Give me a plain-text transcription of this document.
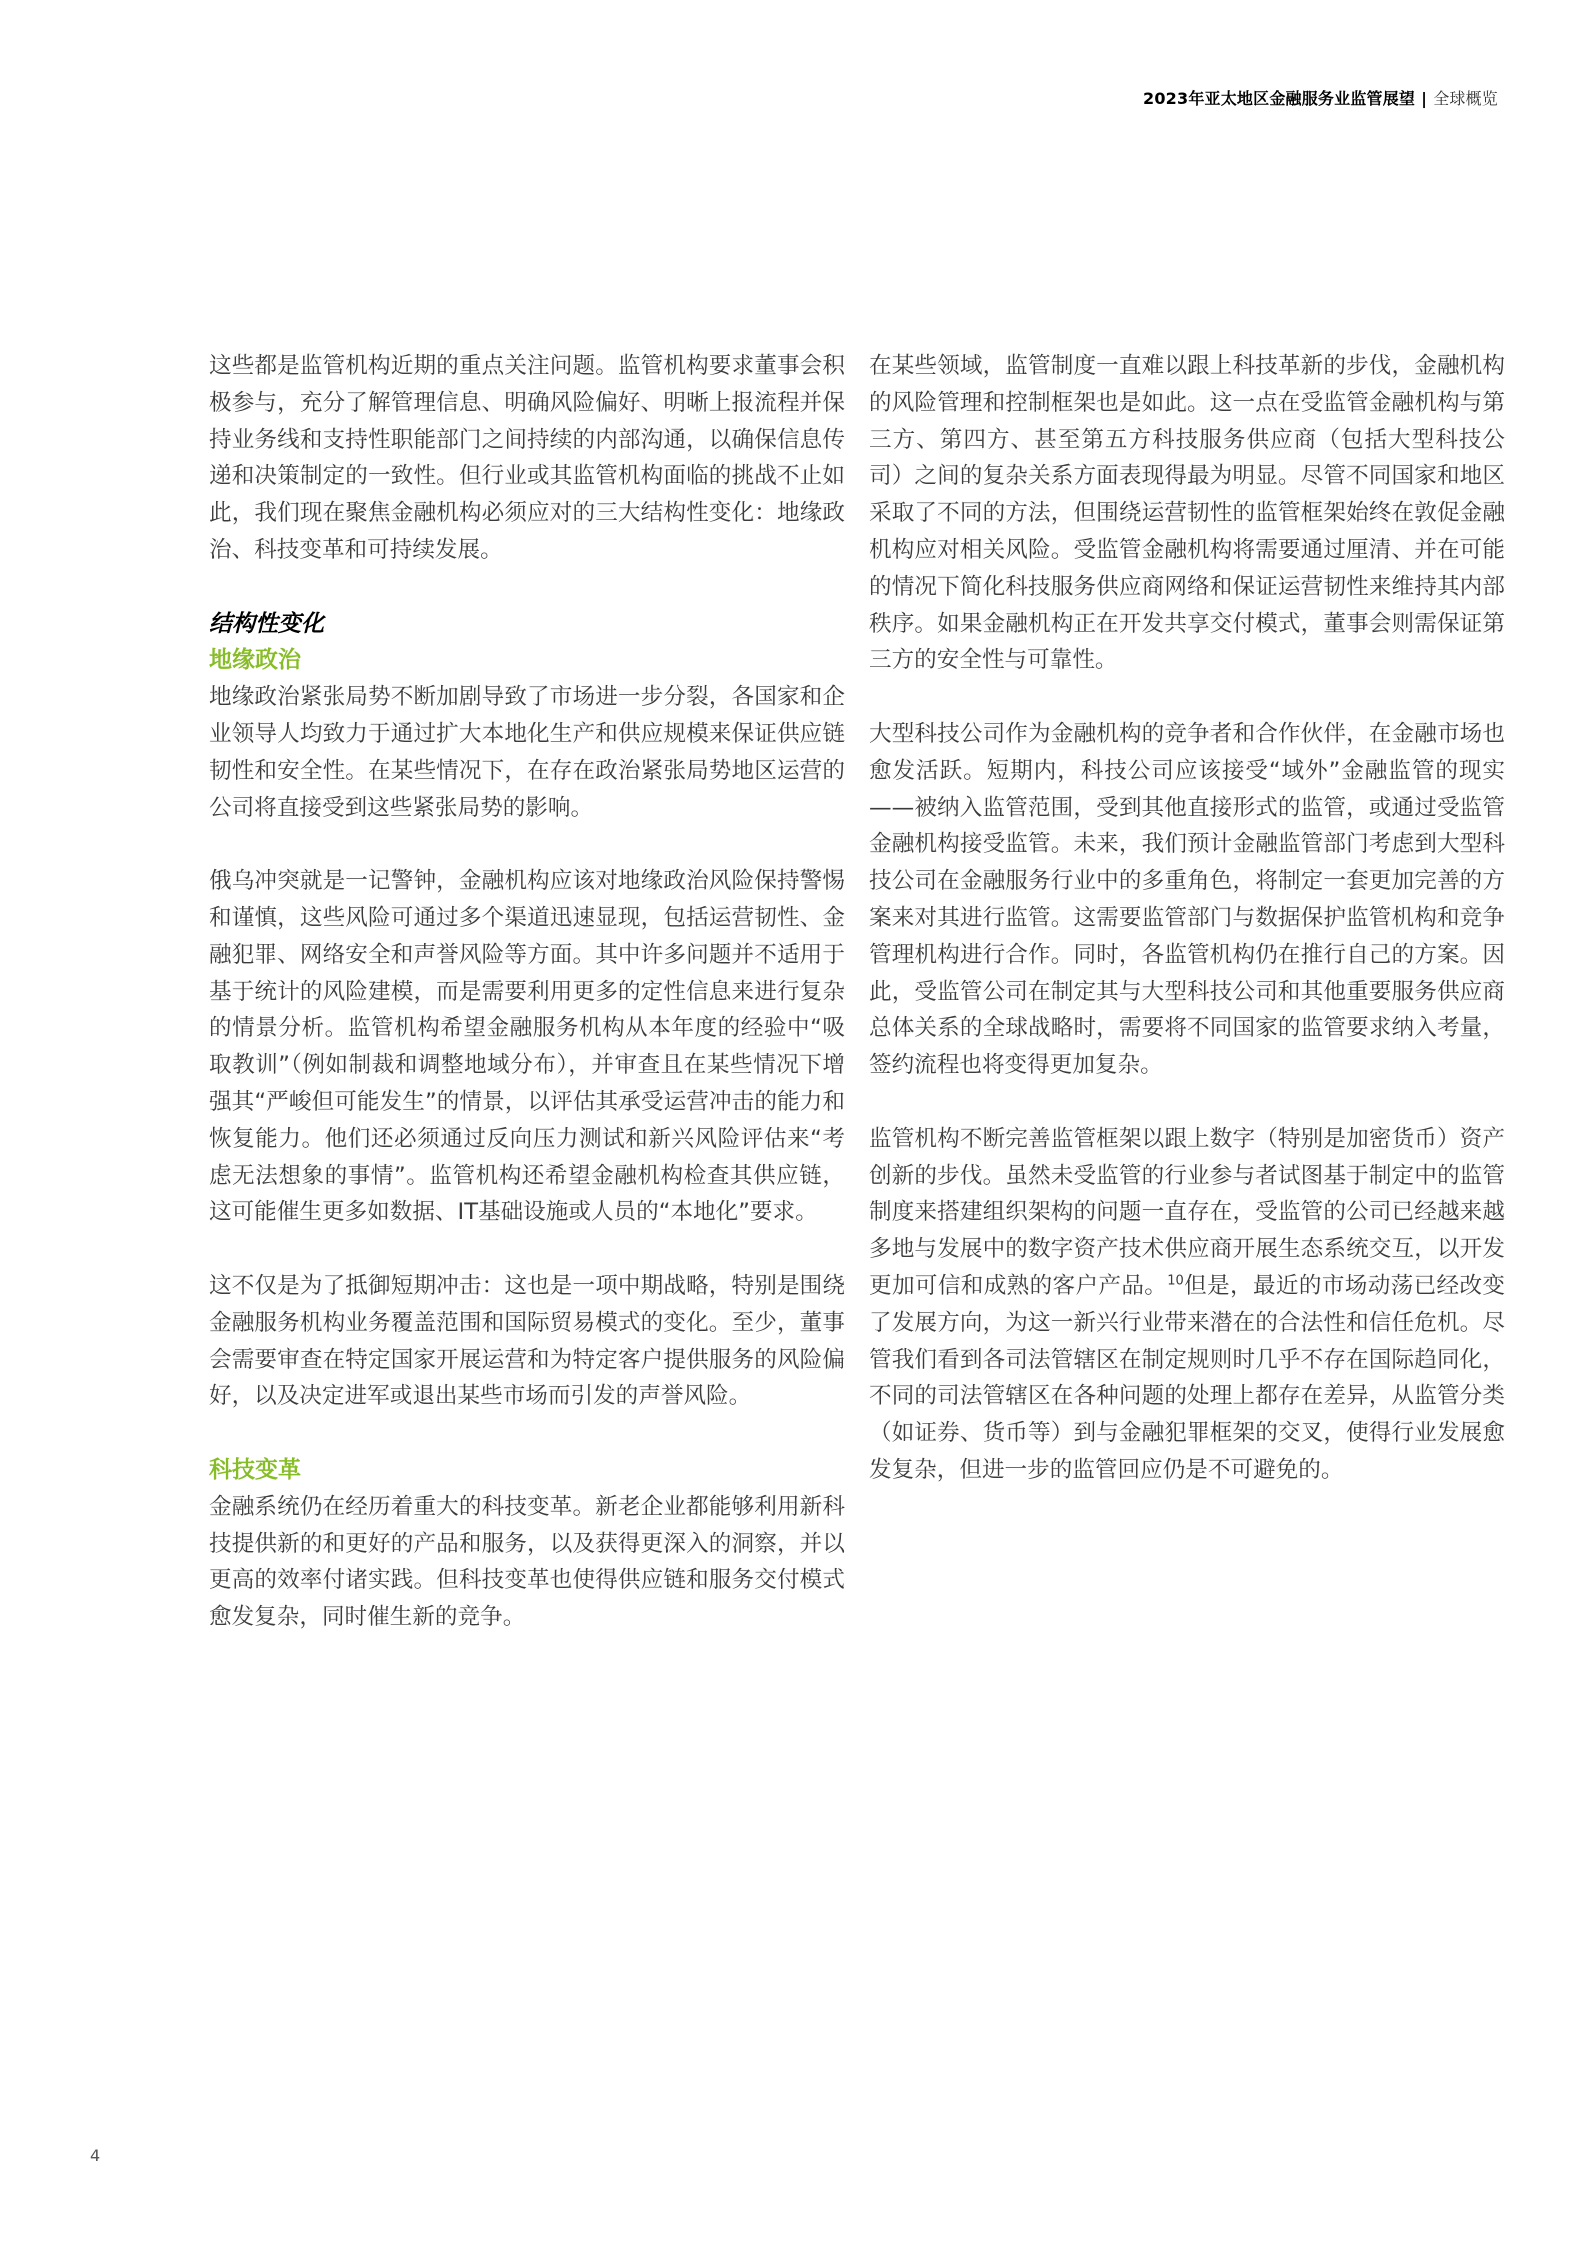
2023年亚太地区金融服务业监管展望 | 全球概览

这些都是监管机构近期的重点关注问题。监管机构要求董事会积极参与，充分了解管理信息、明确风险偏好、明晰上报流程并保持业务线和支持性职能部门之间持续的内部沟通，以确保信息传递和决策制定的一致性。但行业或其监管机构面临的挑战不止如此，我们现在聚焦金融机构必须应对的三大结构性变化：地缘政治、科技变革和可持续发展。

结构性变化
地缘政治

地缘政治紧张局势不断加剧导致了市场进一步分裂，各国家和企业领导人均致力于通过扩大本地化生产和供应规模来保证供应链韧性和安全性。在某些情况下，在存在政治紧张局势地区运营的公司将直接受到这些紧张局势的影响。

俄乌冲突就是一记警钟，金融机构应该对地缘政治风险保持警惕和谨慎，这些风险可通过多个渠道迅速显现，包括运营韧性、金融犯罪、网络安全和声誉风险等方面。其中许多问题并不适用于基于统计的风险建模，而是需要利用更多的定性信息来进行复杂的情景分析。监管机构希望金融服务机构从本年度的经验中“吸取教训”（例如制裁和调整地域分布），并审查且在某些情况下增强其“严峻但可能发生”的情景，以评估其承受运营冲击的能力和恢复能力。他们还必须通过反向压力测试和新兴风险评估来“考虑无法想象的事情”。监管机构还希望金融机构检查其供应链，这可能催生更多如数据、IT基础设施或人员的“本地化”要求。

这不仅是为了抵御短期冲击：这也是一项中期战略，特别是围绕金融服务机构业务覆盖范围和国际贸易模式的变化。至少，董事会需要审查在特定国家开展运营和为特定客户提供服务的风险偏好，以及决定进军或退出某些市场而引发的声誉风险。

科技变革

金融系统仍在经历着重大的科技变革。新老企业都能够利用新科技提供新的和更好的产品和服务，以及获得更深入的洞察，并以更高的效率付诸实践。但科技变革也使得供应链和服务交付模式愈发复杂，同时催生新的竞争。

在某些领域，监管制度一直难以跟上科技革新的步伐，金融机构的风险管理和控制框架也是如此。这一点在受监管金融机构与第三方、第四方、甚至第五方科技服务供应商（包括大型科技公司）之间的复杂关系方面表现得最为明显。尽管不同国家和地区采取了不同的方法，但围绕运营韧性的监管框架始终在敦促金融机构应对相关风险。受监管金融机构将需要通过厘清、并在可能的情况下简化科技服务供应商网络和保证运营韧性来维持其内部秩序。如果金融机构正在开发共享交付模式，董事会则需保证第三方的安全性与可靠性。

大型科技公司作为金融机构的竞争者和合作伙伴，在金融市场也愈发活跃。短期内，科技公司应该接受“域外”金融监管的现实——被纳入监管范围，受到其他直接形式的监管，或通过受监管金融机构接受监管。未来，我们预计金融监管部门考虑到大型科技公司在金融服务行业中的多重角色，将制定一套更加完善的方案来对其进行监管。这需要监管部门与数据保护监管机构和竞争管理机构进行合作。同时，各监管机构仍在推行自己的方案。因此，受监管公司在制定其与大型科技公司和其他重要服务供应商总体关系的全球战略时，需要将不同国家的监管要求纳入考量，签约流程也将变得更加复杂。

监管机构不断完善监管框架以跟上数字（特别是加密货币）资产创新的步伐。虽然未受监管的行业参与者试图基于制定中的监管制度来搭建组织架构的问题一直存在，受监管的公司已经越来越多地与发展中的数字资产技术供应商开展生态系统交互，以开发更加可信和成熟的客户产品。$^{10}$但是，最近的市场动荡已经改变了发展方向，为这一新兴行业带来潜在的合法性和信任危机。尽管我们看到各司法管辖区在制定规则时几乎不存在国际趋同化，不同的司法管辖区在各种问题的处理上都存在差异，从监管分类（如证券、货币等）到与金融犯罪框架的交叉，使得行业发展愈发复杂，但进一步的监管回应仍是不可避免的。

4
